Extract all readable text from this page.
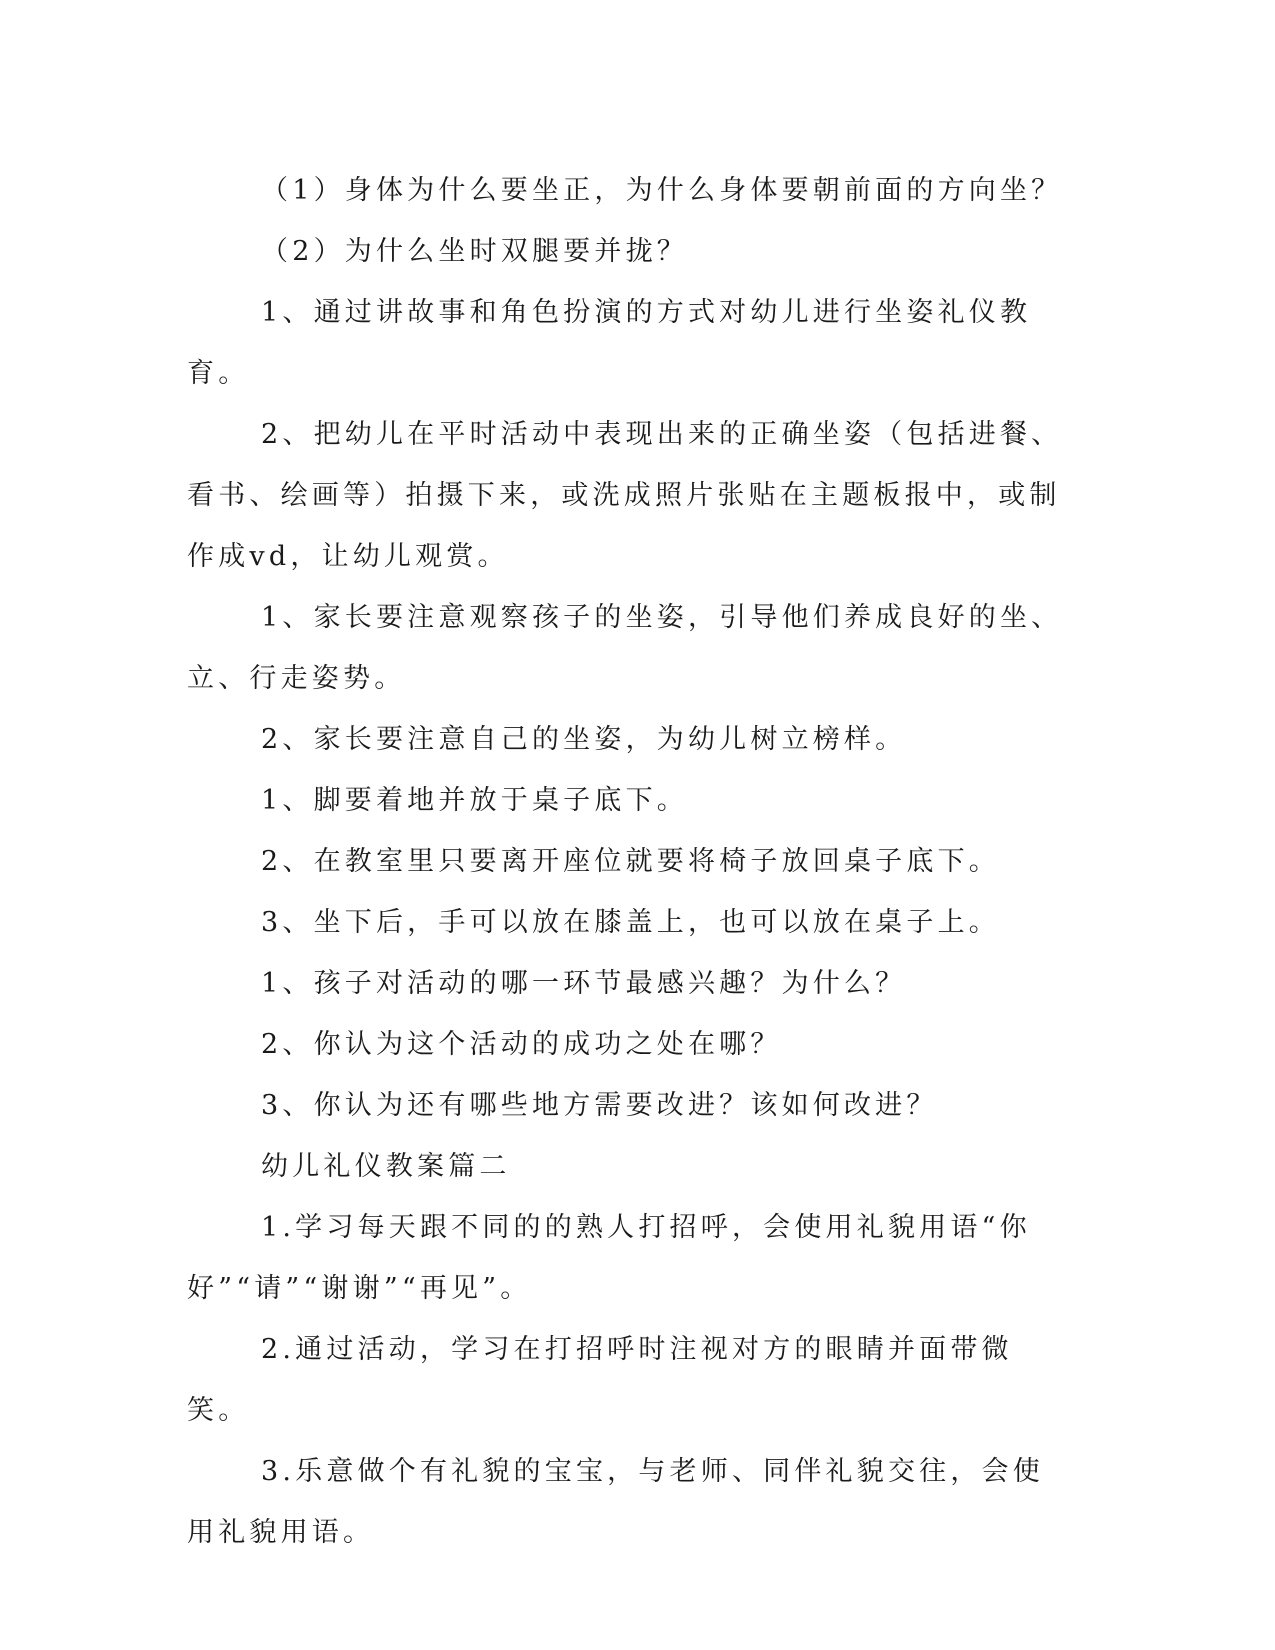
（1）身体为什么要坐正，为什么身体要朝前面的方向坐？

（2）为什么坐时双腿要并拢？

1、通过讲故事和角色扮演的方式对幼儿进行坐姿礼仪教育。

2、把幼儿在平时活动中表现出来的正确坐姿（包括进餐、看书、绘画等）拍摄下来，或洗成照片张贴在主题板报中，或制作成vd，让幼儿观赏。

1、家长要注意观察孩子的坐姿，引导他们养成良好的坐、立、行走姿势。

2、家长要注意自己的坐姿，为幼儿树立榜样。

1、脚要着地并放于桌子底下。

2、在教室里只要离开座位就要将椅子放回桌子底下。

3、坐下后，手可以放在膝盖上，也可以放在桌子上。

1、孩子对活动的哪一环节最感兴趣？为什么？

2、你认为这个活动的成功之处在哪？

3、你认为还有哪些地方需要改进？该如何改进？

幼儿礼仪教案篇二

1.学习每天跟不同的的熟人打招呼，会使用礼貌用语“你好”“请”“谢谢”“再见”。

2.通过活动，学习在打招呼时注视对方的眼睛并面带微笑。

3.乐意做个有礼貌的宝宝，与老师、同伴礼貌交往，会使用礼貌用语。
